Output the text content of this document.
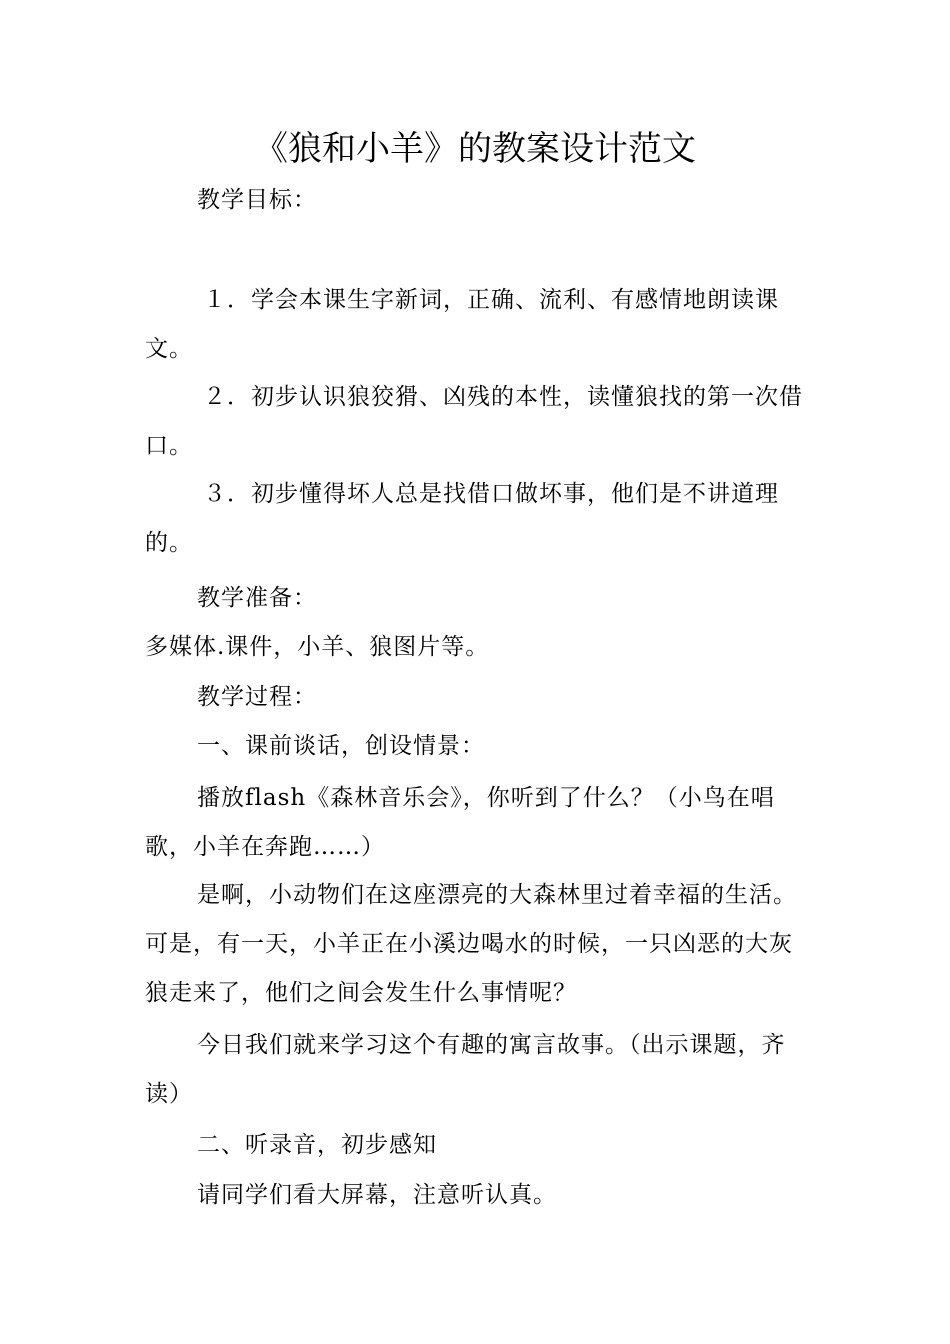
《狼和小羊》的教案设计范文

教学目标：

１．学会本课生字新词，正确、流利、有感情地朗读课文。

２．初步认识狼狡猾、凶残的本性，读懂狼找的第一次借口。

３．初步懂得坏人总是找借口做坏事，他们是不讲道理的。

教学准备：

多媒体.课件，小羊、狼图片等。

教学过程：

一、课前谈话，创设情景：

播放flash《森林音乐会》，你听到了什么？（小鸟在唱歌，小羊在奔跑……）

是啊，小动物们在这座漂亮的大森林里过着幸福的生活。可是，有一天，小羊正在小溪边喝水的时候，一只凶恶的大灰狼走来了，他们之间会发生什么事情呢？

今日我们就来学习这个有趣的寓言故事。（出示课题，齐读）

二、听录音，初步感知

请同学们看大屏幕，注意听认真。
